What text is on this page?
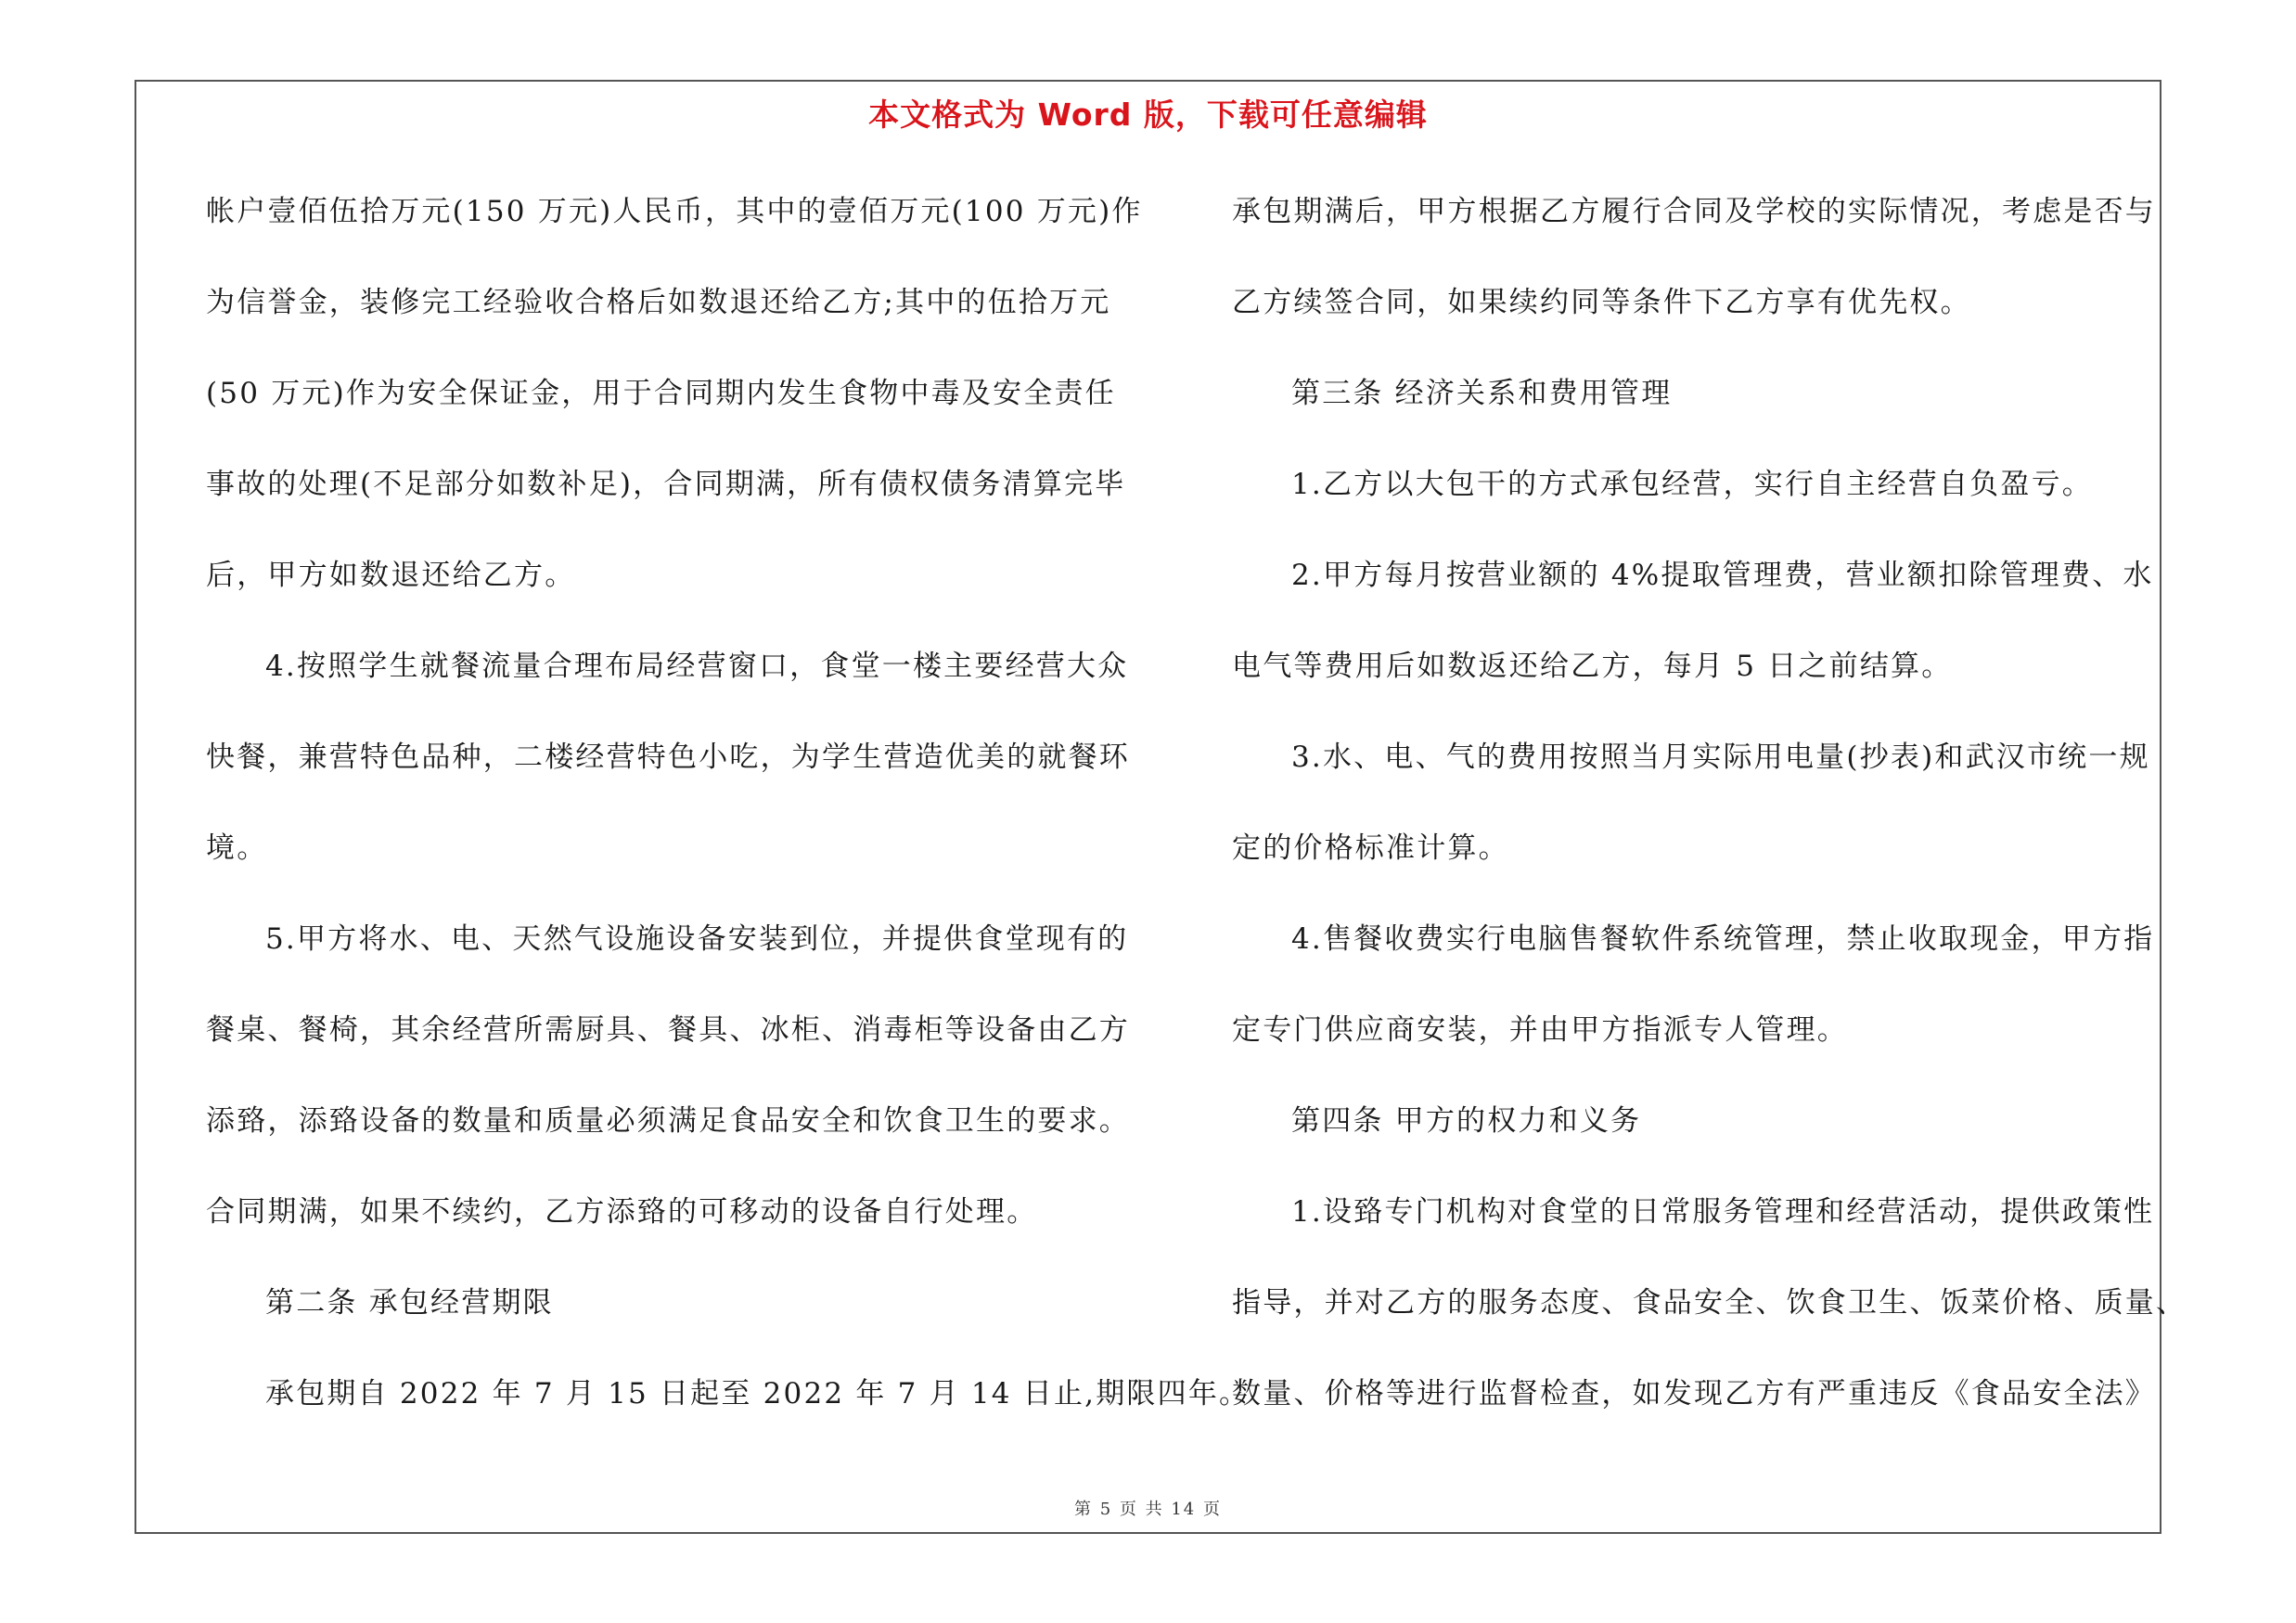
本文格式为 Word 版，下载可任意编辑
帐户壹佰伍拾万元(150 万元)人民币，其中的壹佰万元(100 万元)作
为信誉金，装修完工经验收合格后如数退还给乙方;其中的伍拾万元
(50 万元)作为安全保证金，用于合同期内发生食物中毒及安全责任
事故的处理(不足部分如数补足)，合同期满，所有债权债务清算完毕
后，甲方如数退还给乙方。
4.按照学生就餐流量合理布局经营窗口，食堂一楼主要经营大众
快餐，兼营特色品种，二楼经营特色小吃，为学生营造优美的就餐环
境。
5.甲方将水、电、天然气设施设备安装到位，并提供食堂现有的
餐桌、餐椅，其余经营所需厨具、餐具、冰柜、消毒柜等设备由乙方
添臵，添臵设备的数量和质量必须满足食品安全和饮食卫生的要求。
合同期满，如果不续约，乙方添臵的可移动的设备自行处理。
第二条 承包经营期限
承包期自 2022 年 7 月 15 日起至 2022 年 7 月 14 日止,期限四年。
承包期满后，甲方根据乙方履行合同及学校的实际情况，考虑是否与
乙方续签合同，如果续约同等条件下乙方享有优先权。
第三条 经济关系和费用管理
1.乙方以大包干的方式承包经营，实行自主经营自负盈亏。
2.甲方每月按营业额的 4%提取管理费，营业额扣除管理费、水
电气等费用后如数返还给乙方，每月 5 日之前结算。
3.水、电、气的费用按照当月实际用电量(抄表)和武汉市统一规
定的价格标准计算。
4.售餐收费实行电脑售餐软件系统管理，禁止收取现金，甲方指
定专门供应商安装，并由甲方指派专人管理。
第四条 甲方的权力和义务
1.设臵专门机构对食堂的日常服务管理和经营活动，提供政策性
指导，并对乙方的服务态度、食品安全、饮食卫生、饭菜价格、质量、
数量、价格等进行监督检查，如发现乙方有严重违反《食品安全法》
第 5 页 共 14 页
